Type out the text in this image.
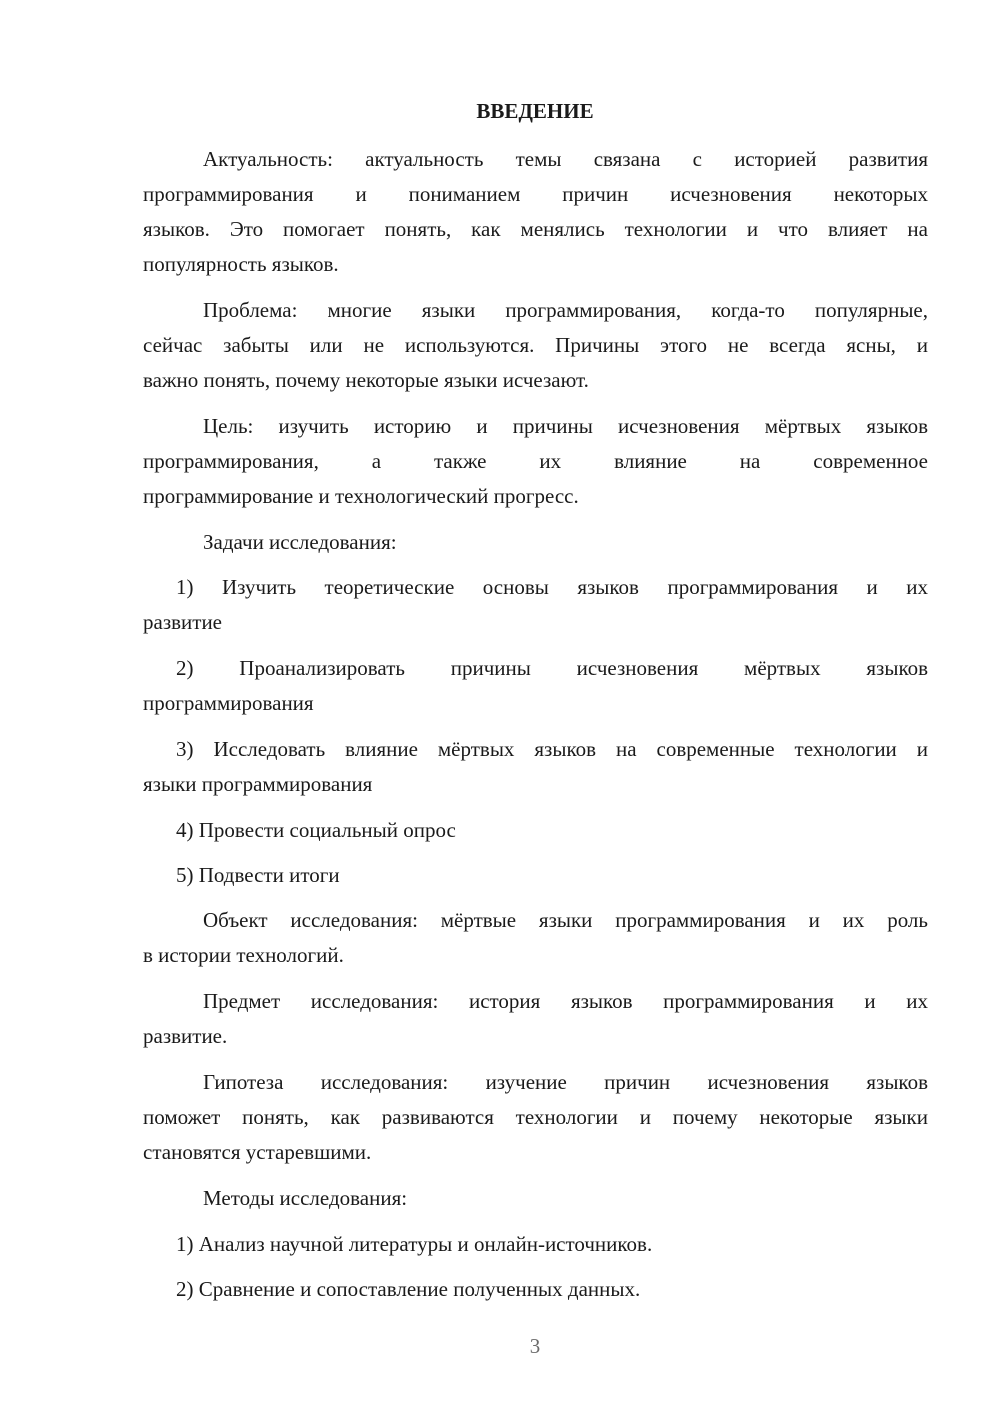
ВВЕДЕНИЕ
Актуальность: актуальность темы связана с историей развития
программирования и пониманием причин исчезновения некоторых
языков. Это помогает понять, как менялись технологии и что влияет на
популярность языков.
Проблема: многие языки программирования, когда-то популярные,
сейчас забыты или не используются. Причины этого не всегда ясны, и
важно понять, почему некоторые языки исчезают.
Цель: изучить историю и причины исчезновения мёртвых языков
программирования, а также их влияние на современное
программирование и технологический прогресс.
Задачи исследования:
1) Изучить теоретические основы языков программирования и их
развитие
2) Проанализировать причины исчезновения мёртвых языков
программирования
3) Исследовать влияние мёртвых языков на современные технологии и
языки программирования
4) Провести социальный опрос
5) Подвести итоги
Объект исследования: мёртвые языки программирования и их роль
в истории технологий.
Предмет исследования: история языков программирования и их
развитие.
Гипотеза исследования: изучение причин исчезновения языков
поможет понять, как развиваются технологии и почему некоторые языки
становятся устаревшими.
Методы исследования:
1) Анализ научной литературы и онлайн-источников.
2) Сравнение и сопоставление полученных данных.
3
